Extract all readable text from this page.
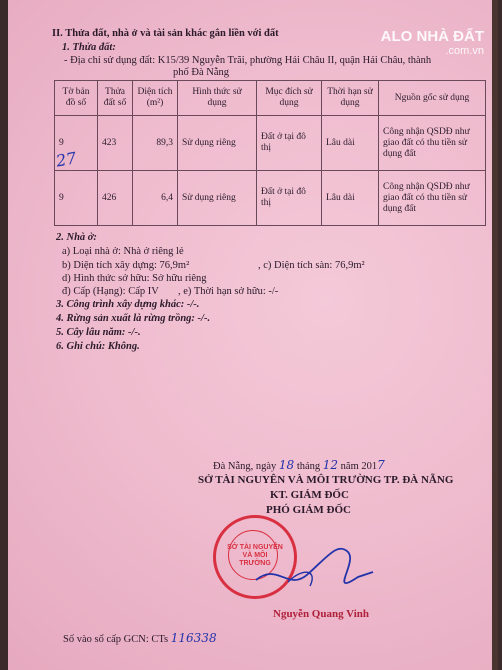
ALO NHÀ ĐẤT
.com.vn
II. Thửa đất, nhà ở và tài sản khác gắn liền với đất
1. Thửa đất:
- Địa chỉ sử dụng đất: K15/39 Nguyễn Trãi, phường Hải Châu II, quận Hải Châu, thành
phố Đà Nẵng
Tờ bản đồ số	Thửa đất số	Diện tích (m²)	Hình thức sử dụng	Mục đích sử dụng	Thời hạn sử dụng	Nguồn gốc sử dụng
9	423	89,3	Sử dụng riêng	Đất ở tại đô thị	Lâu dài	Công nhận QSDĐ như giao đất có thu tiền sử dụng đất
9	426	6,4	Sử dụng riêng	Đất ở tại đô thị	Lâu dài	Công nhận QSDĐ như giao đất có thu tiền sử dụng đất
27
2. Nhà ở:
a) Loại nhà ở: Nhà ở riêng lẻ
b) Diện tích xây dựng: 76,9m²	, c) Diện tích sàn: 76,9m²
d) Hình thức sở hữu: Sở hữu riêng
đ) Cấp (Hạng): Cấp IV , e) Thời hạn sở hữu: -/-
3. Công trình xây dựng khác: -/-.
4. Rừng sản xuất là rừng trồng: -/-.
5. Cây lâu năm: -/-.
6. Ghi chú: Không.
Đà Nẵng, ngày 18 tháng 12 năm 2017
SỞ TÀI NGUYÊN VÀ MÔI TRƯỜNG TP. ĐÀ NẴNG
KT. GIÁM ĐỐC
PHÓ GIÁM ĐỐC
SỞ TÀI NGUYÊN VÀ MÔI TRƯỜNG
Nguyễn Quang Vinh
Số vào sổ cấp GCN: CTs 116338
